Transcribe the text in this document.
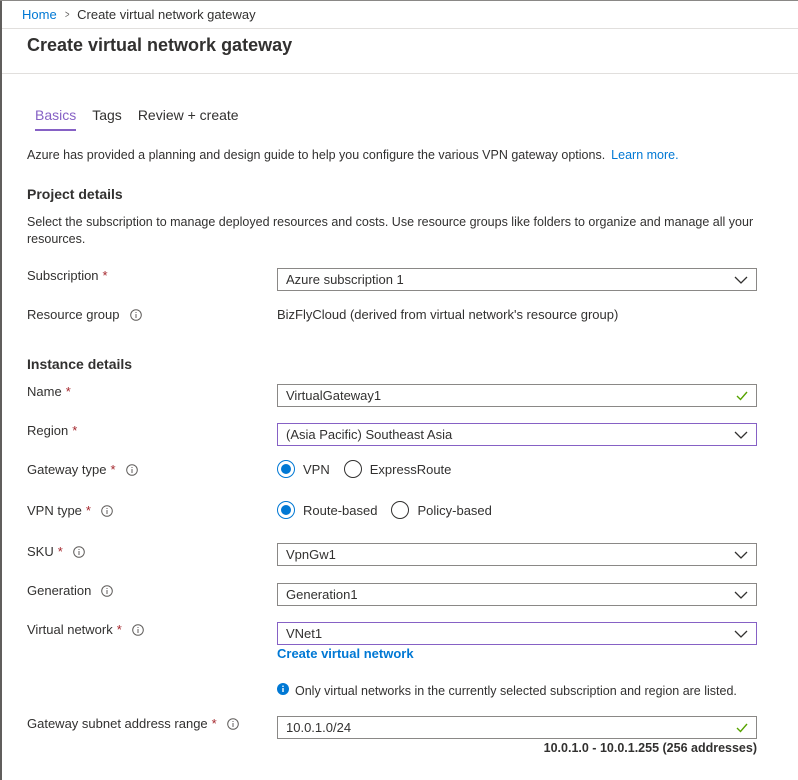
Home > Create virtual network gateway
Create virtual network gateway
Basics Tags Review + create
Azure has provided a planning and design guide to help you configure the various VPN gateway options. Learn more.
Project details
Select the subscription to manage deployed resources and costs. Use resource groups like folders to organize and manage all your resources.
Subscription *	Azure subscription 1
Resource group	BizFlyCloud (derived from virtual network's resource group)
Instance details
Name *	VirtualGateway1
Region *	(Asia Pacific) Southeast Asia
Gateway type *	VPN	ExpressRoute
VPN type *	Route-based	Policy-based
SKU *	VpnGw1
Generation	Generation1
Virtual network *	VNet1
Create virtual network
Only virtual networks in the currently selected subscription and region are listed.
Gateway subnet address range *	10.0.1.0/24
10.0.1.0 - 10.0.1.255 (256 addresses)
